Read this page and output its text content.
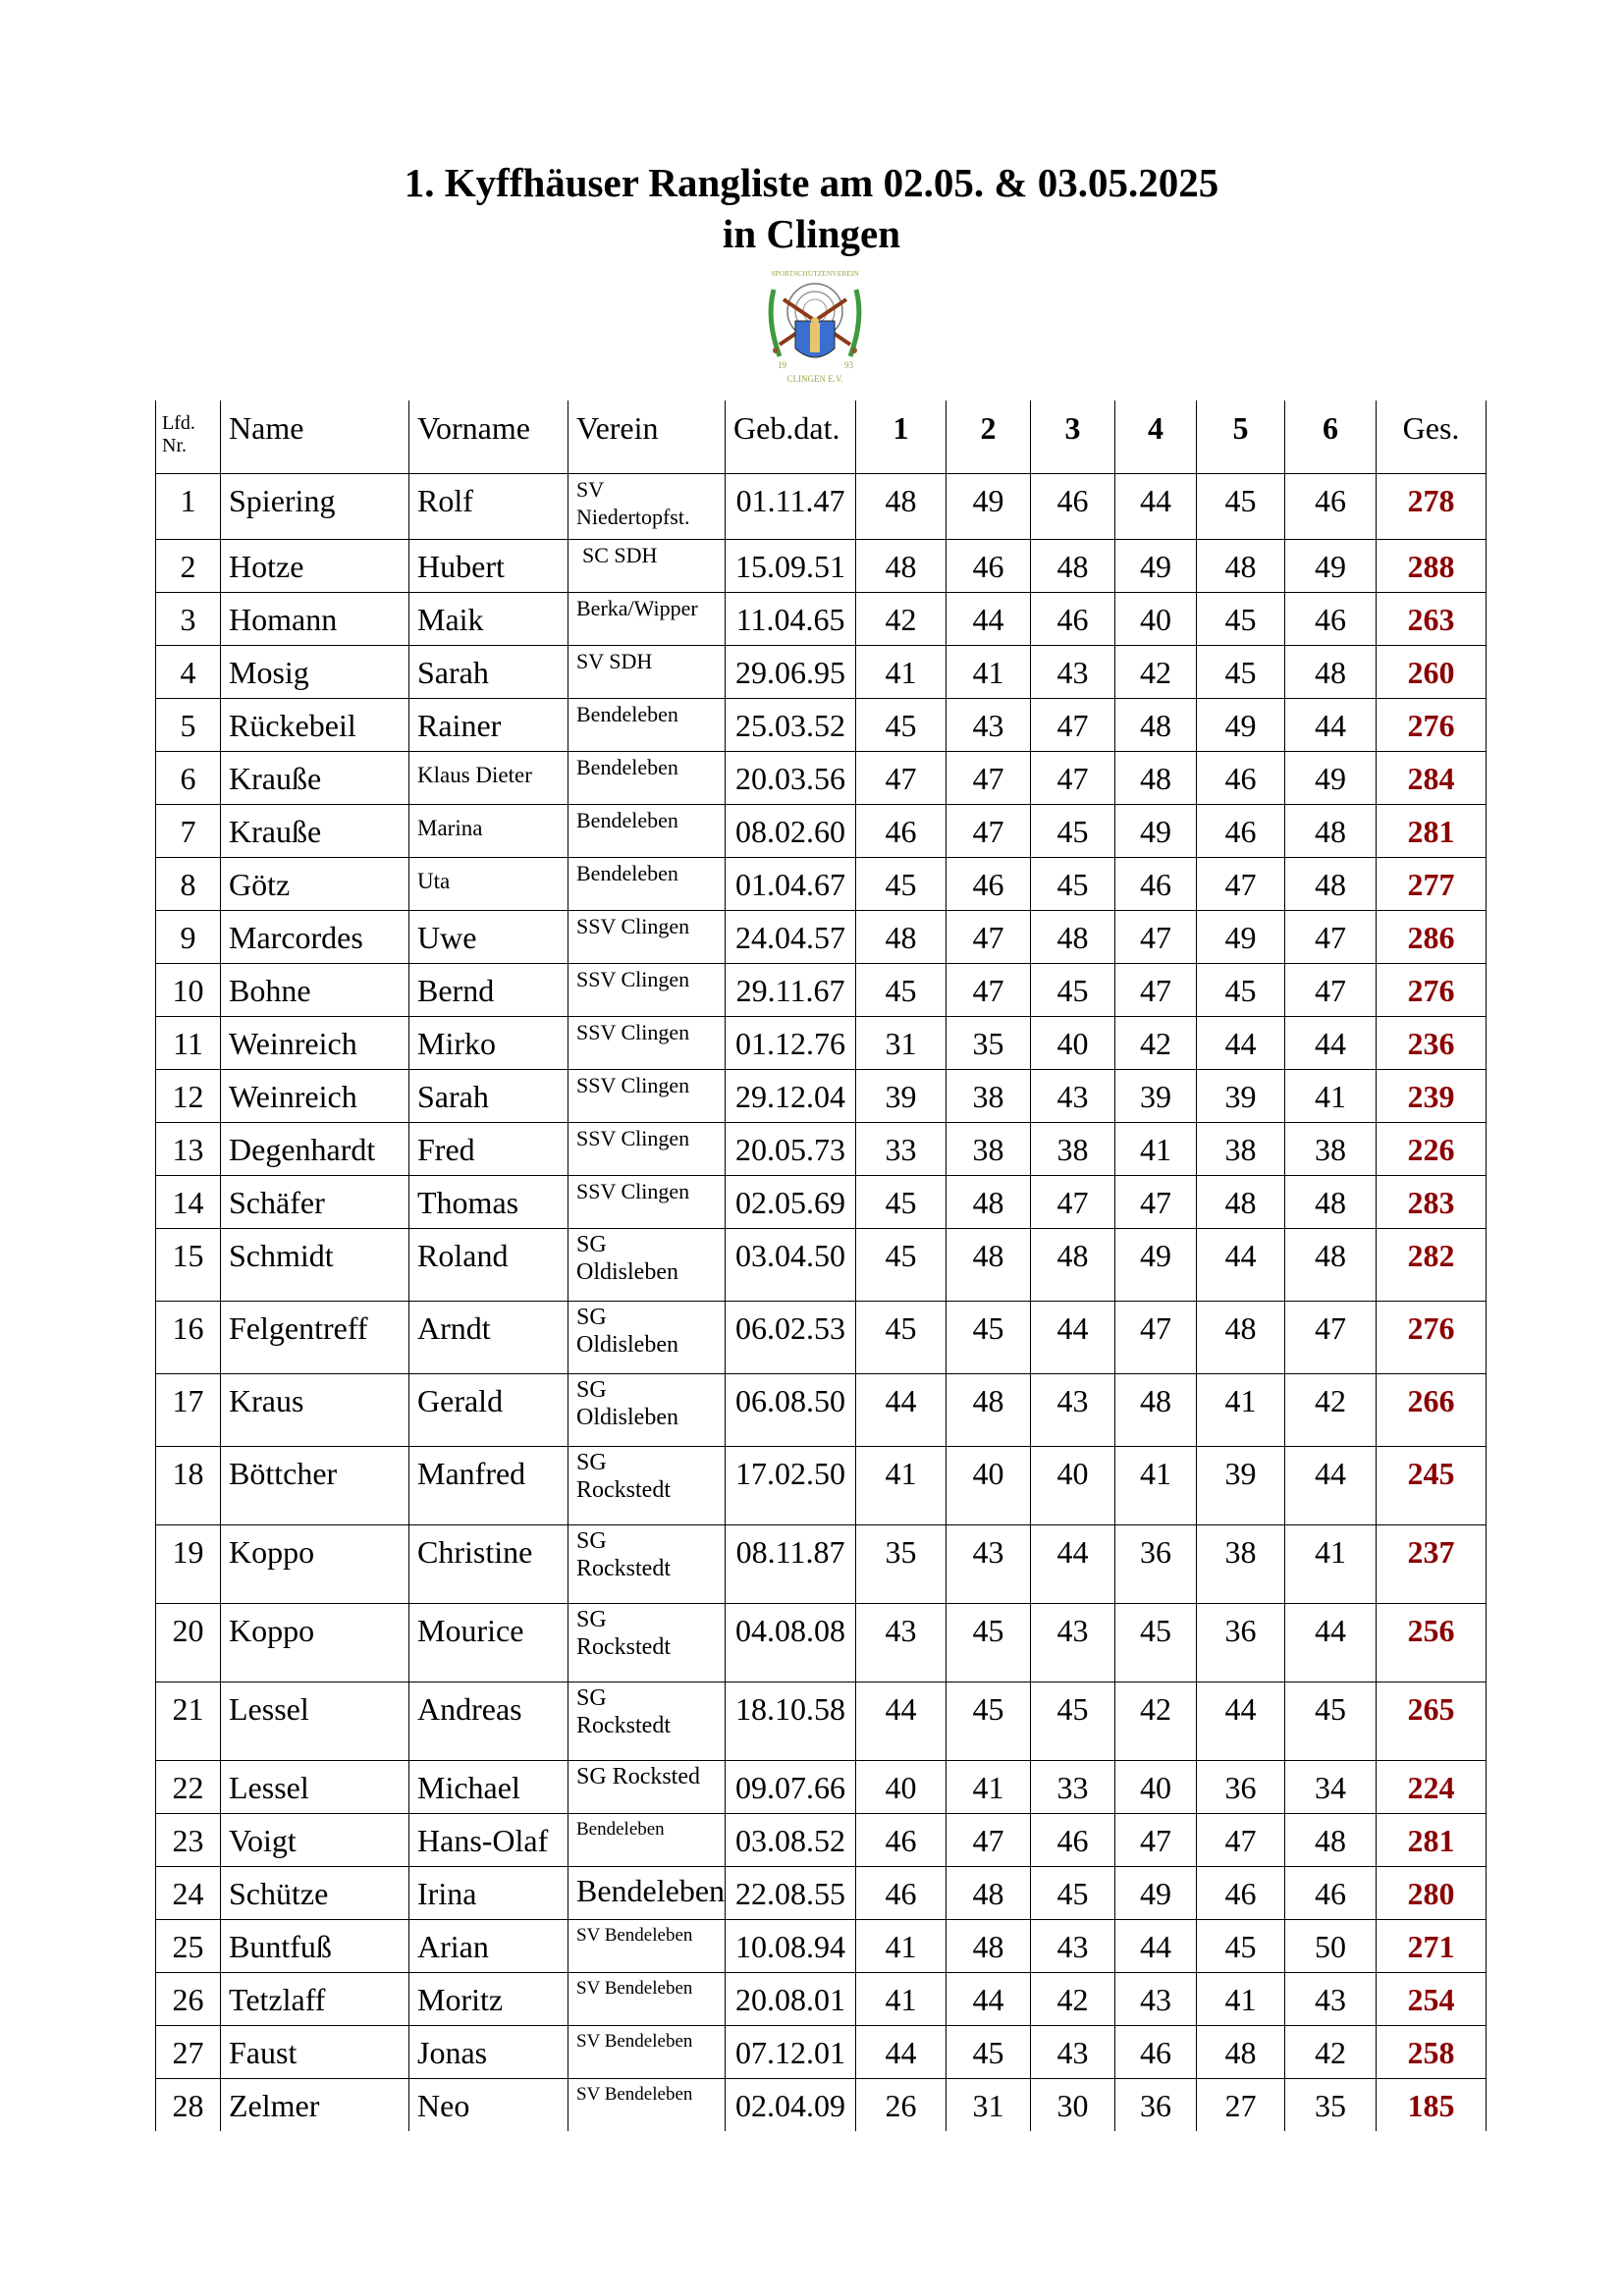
1. Kyffhäuser Rangliste am 02.05. & 03.05.2025
in Clingen
SPORTSCHÜTZENVEREIN
19	93
CLINGEN E.V.
Lfd.
Nr.	Name	Vorname	Verein	Geb.dat.	1	2	3	4	5	6	Ges.
1	Spiering	Rolf	SV
Niedertopfst.	01.11.47	48	49	46	44	45	46	278
2	Hotze	Hubert	SC SDH	15.09.51	48	46	48	49	48	49	288
3	Homann	Maik	Berka/Wipper	11.04.65	42	44	46	40	45	46	263
4	Mosig	Sarah	SV SDH	29.06.95	41	41	43	42	45	48	260
5	Rückebeil	Rainer	Bendeleben	25.03.52	45	43	47	48	49	44	276
6	Krauße	Klaus Dieter	Bendeleben	20.03.56	47	47	47	48	46	49	284
7	Krauße	Marina	Bendeleben	08.02.60	46	47	45	49	46	48	281
8	Götz	Uta	Bendeleben	01.04.67	45	46	45	46	47	48	277
9	Marcordes	Uwe	SSV Clingen	24.04.57	48	47	48	47	49	47	286
10	Bohne	Bernd	SSV Clingen	29.11.67	45	47	45	47	45	47	276
11	Weinreich	Mirko	SSV Clingen	01.12.76	31	35	40	42	44	44	236
12	Weinreich	Sarah	SSV Clingen	29.12.04	39	38	43	39	39	41	239
13	Degenhardt	Fred	SSV Clingen	20.05.73	33	38	38	41	38	38	226
14	Schäfer	Thomas	SSV Clingen	02.05.69	45	48	47	47	48	48	283
15	Schmidt	Roland	SG
Oldisleben	03.04.50	45	48	48	49	44	48	282
16	Felgentreff	Arndt	SG
Oldisleben	06.02.53	45	45	44	47	48	47	276
17	Kraus	Gerald	SG
Oldisleben	06.08.50	44	48	43	48	41	42	266
18	Böttcher	Manfred	SG
Rockstedt	17.02.50	41	40	40	41	39	44	245
19	Koppo	Christine	SG
Rockstedt	08.11.87	35	43	44	36	38	41	237
20	Koppo	Mourice	SG
Rockstedt	04.08.08	43	45	43	45	36	44	256
21	Lessel	Andreas	SG
Rockstedt	18.10.58	44	45	45	42	44	45	265
22	Lessel	Michael	SG Rocksted	09.07.66	40	41	33	40	36	34	224
23	Voigt	Hans-Olaf	Bendeleben	03.08.52	46	47	46	47	47	48	281
24	Schütze	Irina	Bendeleben	22.08.55	46	48	45	49	46	46	280
25	Buntfuß	Arian	SV Bendeleben	10.08.94	41	48	43	44	45	50	271
26	Tetzlaff	Moritz	SV Bendeleben	20.08.01	41	44	42	43	41	43	254
27	Faust	Jonas	SV Bendeleben	07.12.01	44	45	43	46	48	42	258
28	Zelmer	Neo	SV Bendeleben	02.04.09	26	31	30	36	27	35	185
